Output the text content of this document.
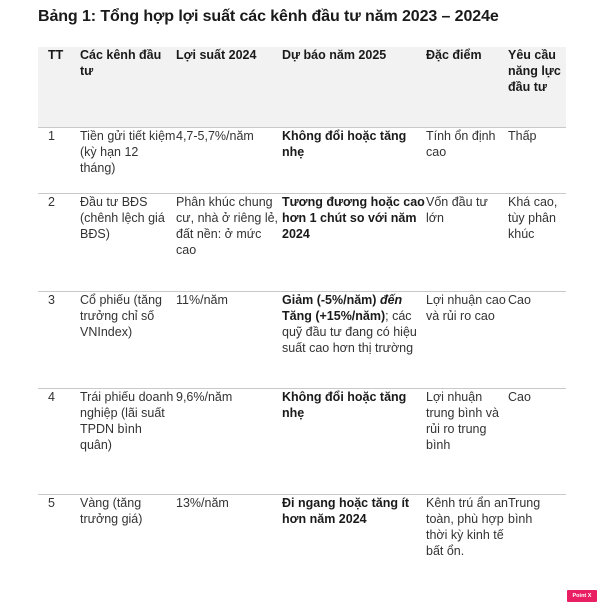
Bảng 1: Tổng hợp lợi suất các kênh đầu tư năm 2023 – 2024e
TT	Các kênh đầu tư	Lợi suất 2024	Dự báo năm 2025	Đặc điểm	Yêu cầu năng lực đầu tư
1	Tiền gửi tiết kiệm (kỳ hạn 12 tháng)	4,7-5,7%/năm	Không đổi hoặc tăng nhẹ	Tính ổn định cao	Thấp
2	Đầu tư BĐS (chênh lệch giá BĐS)	Phân khúc chung cư, nhà ở riêng lẻ, đất nền: ở mức cao	Tương đương hoặc cao hơn 1 chút so với năm 2024	Vốn đầu tư lớn	Khá cao, tùy phân khúc
3	Cổ phiếu (tăng trưởng chỉ số VNIndex)	11%/năm	Giảm (-5%/năm) đến Tăng (+15%/năm); các quỹ đầu tư đang có hiệu suất cao hơn thị trường	Lợi nhuận cao và rủi ro cao	Cao
4	Trái phiếu doanh nghiệp (lãi suất TPDN bình quân)	9,6%/năm	Không đổi hoặc tăng nhẹ	Lợi nhuận trung bình và rủi ro trung bình	Cao
5	Vàng (tăng trưởng giá)	13%/năm	Đi ngang hoặc tăng ít hơn năm 2024	Kênh trú ẩn an toàn, phù hợp thời kỳ kinh tế bất ổn.	Trung bình
Point X Lite
